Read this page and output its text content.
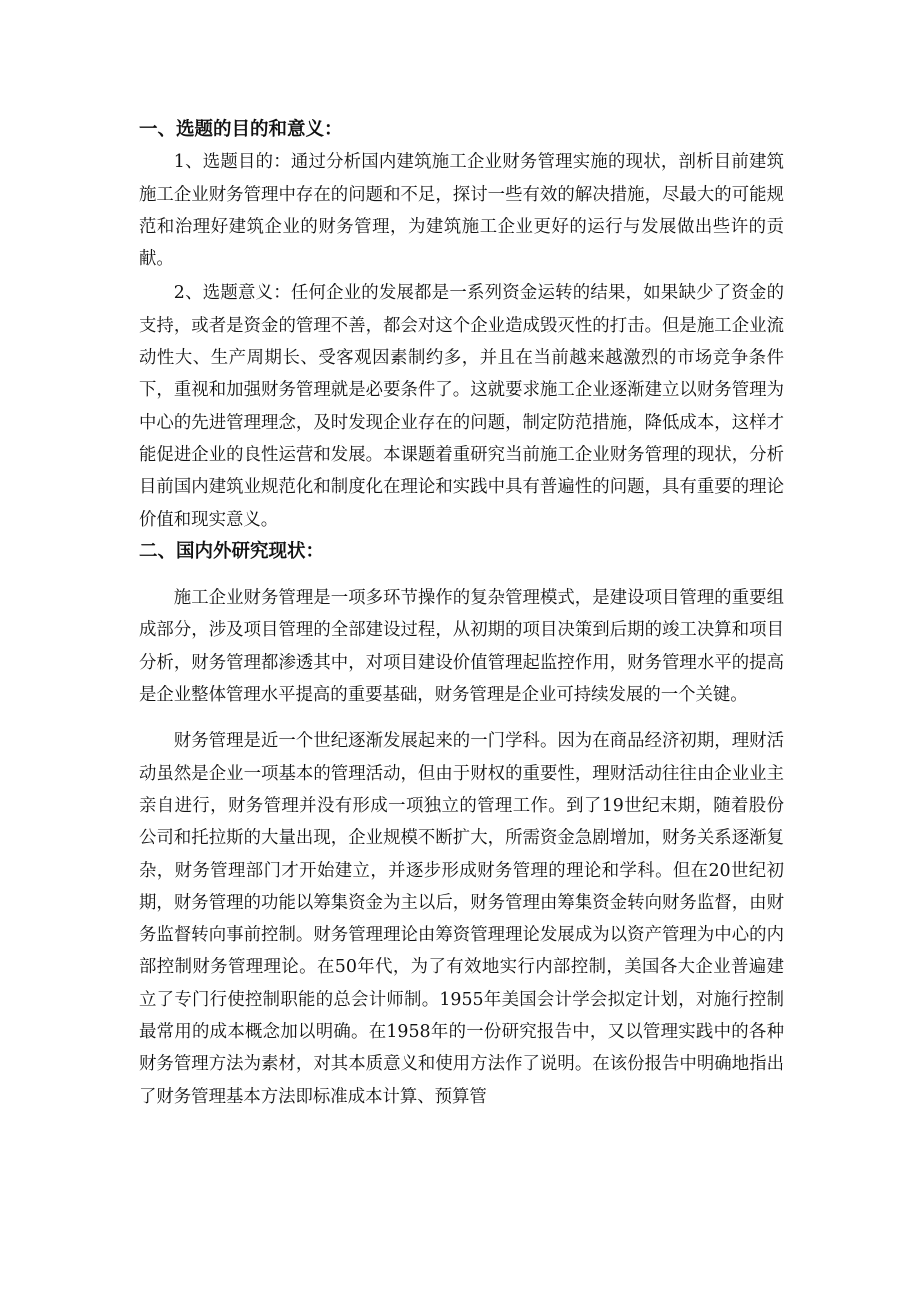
一、选题的目的和意义：

1、选题目的：通过分析国内建筑施工企业财务管理实施的现状，剖析目前建筑施工企业财务管理中存在的问题和不足，探讨一些有效的解决措施，尽最大的可能规范和治理好建筑企业的财务管理，为建筑施工企业更好的运行与发展做出些许的贡献。

2、选题意义：任何企业的发展都是一系列资金运转的结果，如果缺少了资金的支持，或者是资金的管理不善，都会对这个企业造成毁灭性的打击。但是施工企业流动性大、生产周期长、受客观因素制约多，并且在当前越来越激烈的市场竞争条件下，重视和加强财务管理就是必要条件了。这就要求施工企业逐渐建立以财务管理为中心的先进管理理念，及时发现企业存在的问题，制定防范措施，降低成本，这样才能促进企业的良性运营和发展。本课题着重研究当前施工企业财务管理的现状，分析目前国内建筑业规范化和制度化在理论和实践中具有普遍性的问题，具有重要的理论价值和现实意义。

二、国内外研究现状：

施工企业财务管理是一项多环节操作的复杂管理模式，是建设项目管理的重要组成部分，涉及项目管理的全部建设过程，从初期的项目决策到后期的竣工决算和项目分析，财务管理都渗透其中，对项目建设价值管理起监控作用，财务管理水平的提高是企业整体管理水平提高的重要基础，财务管理是企业可持续发展的一个关键。

财务管理是近一个世纪逐渐发展起来的一门学科。因为在商品经济初期，理财活动虽然是企业一项基本的管理活动，但由于财权的重要性，理财活动往往由企业业主亲自进行，财务管理并没有形成一项独立的管理工作。到了19世纪末期，随着股份公司和托拉斯的大量出现，企业规模不断扩大，所需资金急剧增加，财务关系逐渐复杂，财务管理部门才开始建立，并逐步形成财务管理的理论和学科。但在20世纪初期，财务管理的功能以筹集资金为主以后，财务管理由筹集资金转向财务监督，由财务监督转向事前控制。财务管理理论由筹资管理理论发展成为以资产管理为中心的内部控制财务管理理论。在50年代，为了有效地实行内部控制，美国各大企业普遍建立了专门行使控制职能的总会计师制。1955年美国会计学会拟定计划，对施行控制最常用的成本概念加以明确。在1958年的一份研究报告中，又以管理实践中的各种财务管理方法为素材，对其本质意义和使用方法作了说明。在该份报告中明确地指出了财务管理基本方法即标准成本计算、预算管
